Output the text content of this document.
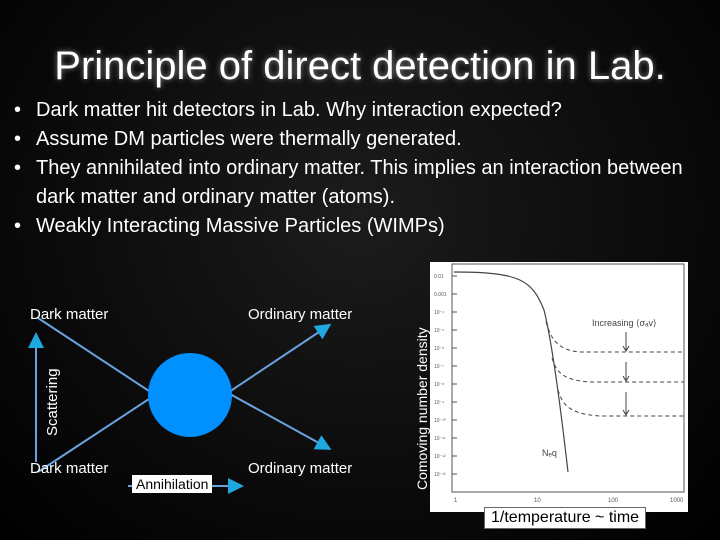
Principle of direct detection in Lab.
• Dark matter hit detectors in Lab. Why interaction expected?
• Assume DM particles were thermally generated.
• They annihilated into ordinary matter. This implies an interaction between dark matter and ordinary matter (atoms).
• Weakly Interacting Massive Particles (WIMPs)
Dark matter
Dark matter
Ordinary matter
Ordinary matter
Scattering
Annihilation	Comoving number density
0.01
0.001
10⁻⁴
10⁻⁵
10⁻⁶
10⁻⁷
10⁻⁸
10⁻⁹
10⁻¹⁰
10⁻¹¹
10⁻¹²
10⁻¹³
Increasing ⟨σₐv⟩
Nₑq
1	10	100	1000
1/temperature ~ time
